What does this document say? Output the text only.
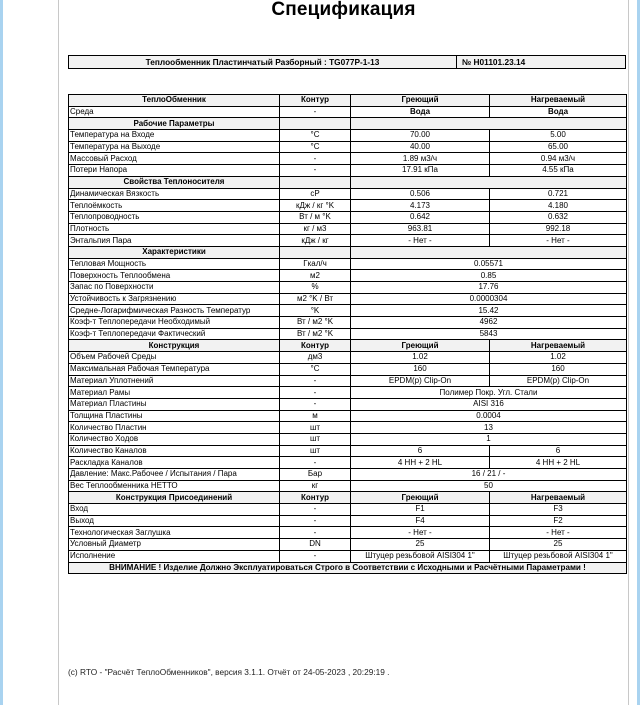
Спецификация
Теплообменник Пластинчатый Разборный : TG077P-1-13	№ H01101.23.14
ТеплоОбменник	Контур	Греющий	Нагреваемый
Среда	-	Вода	Вода
Рабочие Параметры			
Температура на Входе	°C	70.00	5.00
Температура на Выходе	°C	40.00	65.00
Массовый Расход	-	1.89 м3/ч	0.94 м3/ч
Потери Напора	-	17.91 кПа	4.55 кПа
Свойства Теплоносителя			
Динамическая Вязкость	cP	0.506	0.721
Теплоёмкость	кДж / кг °K	4.173	4.180
Теплопроводность	Вт / м °K	0.642	0.632
Плотность	кг / м3	963.81	992.18
Энтальпия Пара	кДж / кг	- Нет -	- Нет -
Характеристики			
Тепловая Мощность	Гкал/ч	0.05571	
Поверхность Теплообмена	м2	0.85	
Запас по Поверхности	%	17.76	
Устойчивость к Загрязнению	м2 °K / Вт	0.0000304	
Средне-Логарифмическая Разность Температур	°K	15.42	
Коэф-т Теплопередачи Необходимый	Вт / м2 °K	4962	
Коэф-т Теплопередачи Фактический	Вт / м2 °K	5843	
Конструкция	Контур	Греющий	Нагреваемый
Объем Рабочей Среды	дм3	1.02	1.02
Максимальная Рабочая Температура	°C	160	160
Материал Уплотнений	-	EPDM(p) Clip-On	EPDM(p) Clip-On
Материал Рамы	-	Полимер Покр. Угл. Стали	
Материал Пластины	-	AISI 316	
Толщина Пластины	м	0.0004	
Количество Пластин	шт	13	
Количество Ходов	шт	1	
Количество Каналов	шт	6	6
Раскладка Каналов	-	4 HH + 2 HL	4 HH + 2 HL
Давление: Макс.Рабочее / Испытания / Пара	Бар	16 / 21 / -	
Вес Теплообменника НЕТТО	кг	50	
Конструкция Присоединений	Контур	Греющий	Нагреваемый
Вход	-	F1	F3
Выход	-	F4	F2
Технологическая Заглушка	-	- Нет -	- Нет -
Условный Диаметр	DN	25	25
Исполнение	-	Штуцер резьбовой AISI304 1"	Штуцер резьбовой AISI304 1"
ВНИМАНИЕ ! Изделие Должно Эксплуатироваться Строго в Соответствии с Исходными и Расчётными Параметрами !			
(c) RTO - "Расчёт ТеплоОбменников", версия 3.1.1. Отчёт от 24-05-2023 , 20:29:19 .
